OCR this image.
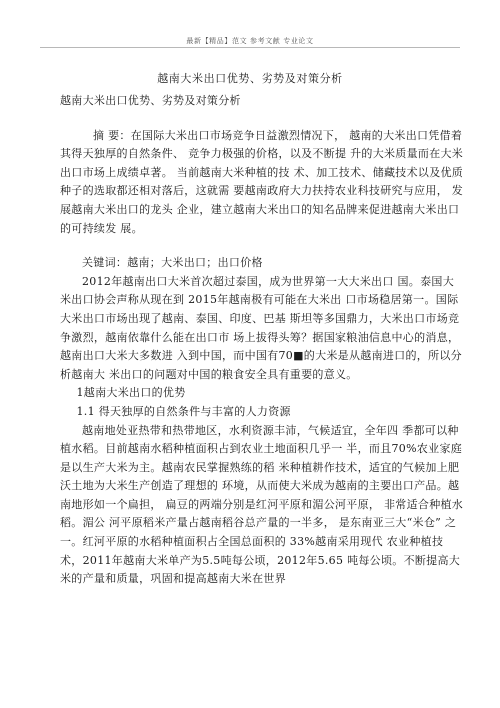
最新【精品】范文 参考文献 专业论文
越南大米出口优势、劣势及对策分析

越南大米出口优势、劣势及对策分析

摘 要：在国际大米出口市场竞争日益激烈情况下， 越南的大米出口凭借着其得天独厚的自然条件、 竞争力极强的价格，以及不断提 升的大米质量而在大米出口市场上成绩卓著。 当前越南大米种植的技 术、加工技术、储藏技术以及优质种子的选取都还相对落后，这就需 要越南政府大力扶持农业科技研究与应用， 发展越南大米出口的龙头 企业，建立越南大米出口的知名品牌来促进越南大米出口的可持续发 展。

关键词：越南；大米出口；出口价格

2012年越南出口大米首次超过泰国，成为世界第一大大米出口 国。泰国大米出口协会声称从现在到 2015年越南极有可能在大米出 口市场稳居第一。国际大米出口市场出现了越南、泰国、印度、巴基 斯坦等多国鼎力，大米出口市场竞争激烈，越南依靠什么能在出口市 场上拔得头筹？据国家粮油信息中心的消息， 越南出口大米大多数进 入到中国，而中国有70■的大米是从越南进口的，所以分析越南大 米出口的问题对中国的粮食安全具有重要的意义。

1越南大米出口的优势

1.1 得天独厚的自然条件与丰富的人力资源

越南地处亚热带和热带地区，水利资源丰沛，气候适宜，全年四 季都可以种植水稻。目前越南水稻种植面积占到农业土地面积几乎一 半，而且70%农业家庭是以生产大米为主。越南农民掌握熟练的稻 米种植耕作技术，适宜的气候加上肥沃土地为大米生产创造了理想的 环境，从而使大米成为越南的主要出口产品。越南地形如一个扁担， 扁豆的两端分别是红河平原和湄公河平原， 非常适合种植水稻。湄公 河平原稻米产量占越南稻谷总产量的一半多， 是东南亚三大“米仓” 之一。红河平原的水稻种植面积占全国总面积的 33%越南采用现代 农业种植技术，2011年越南大米单产为5.5吨每公顷，2012年5.65 吨每公顷。不断提高大米的产量和质量，巩固和提高越南大米在世界
